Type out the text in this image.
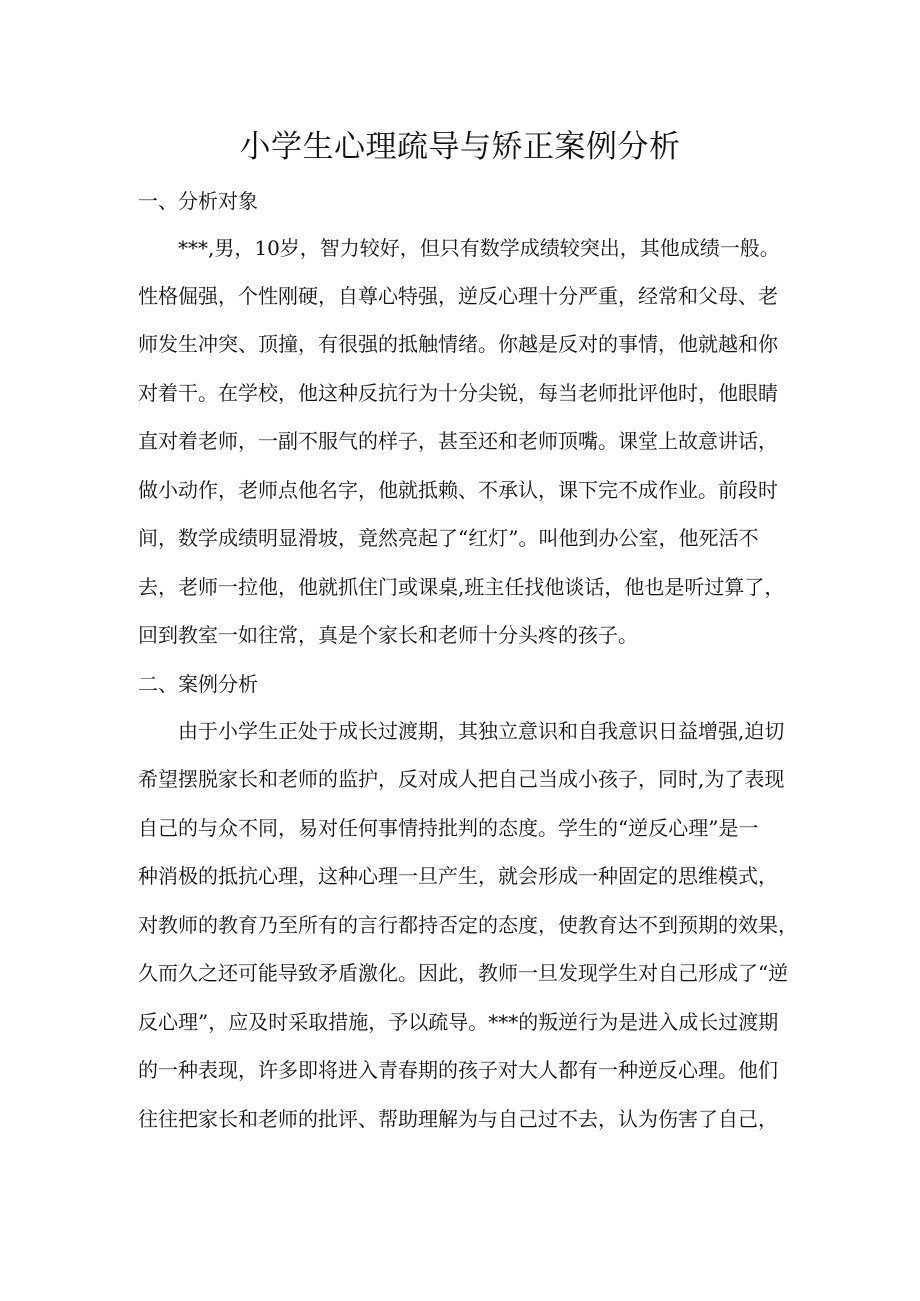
小学生心理疏导与矫正案例分析
一、分析对象
***,男，10岁，智力较好，但只有数学成绩较突出，其他成绩一般。
性格倔强，个性刚硬，自尊心特强，逆反心理十分严重，经常和父母、老
师发生冲突、顶撞，有很强的抵触情绪。你越是反对的事情，他就越和你
对着干。在学校，他这种反抗行为十分尖锐，每当老师批评他时，他眼睛
直对着老师，一副不服气的样子，甚至还和老师顶嘴。课堂上故意讲话，
做小动作，老师点他名字，他就抵赖、不承认，课下完不成作业。前段时
间，数学成绩明显滑坡，竟然亮起了“红灯”。叫他到办公室，他死活不
去，老师一拉他，他就抓住门或课桌,班主任找他谈话，他也是听过算了，
回到教室一如往常，真是个家长和老师十分头疼的孩子。
二、案例分析
由于小学生正处于成长过渡期，其独立意识和自我意识日益增强,迫切
希望摆脱家长和老师的监护，反对成人把自己当成小孩子，同时,为了表现
自己的与众不同，易对任何事情持批判的态度。学生的“逆反心理”是一
种消极的抵抗心理，这种心理一旦产生，就会形成一种固定的思维模式，
对教师的教育乃至所有的言行都持否定的态度，使教育达不到预期的效果，
久而久之还可能导致矛盾激化。因此，教师一旦发现学生对自己形成了“逆
反心理”，应及时采取措施，予以疏导。***的叛逆行为是进入成长过渡期
的一种表现，许多即将进入青春期的孩子对大人都有一种逆反心理。他们
往往把家长和老师的批评、帮助理解为与自己过不去，认为伤害了自己，
